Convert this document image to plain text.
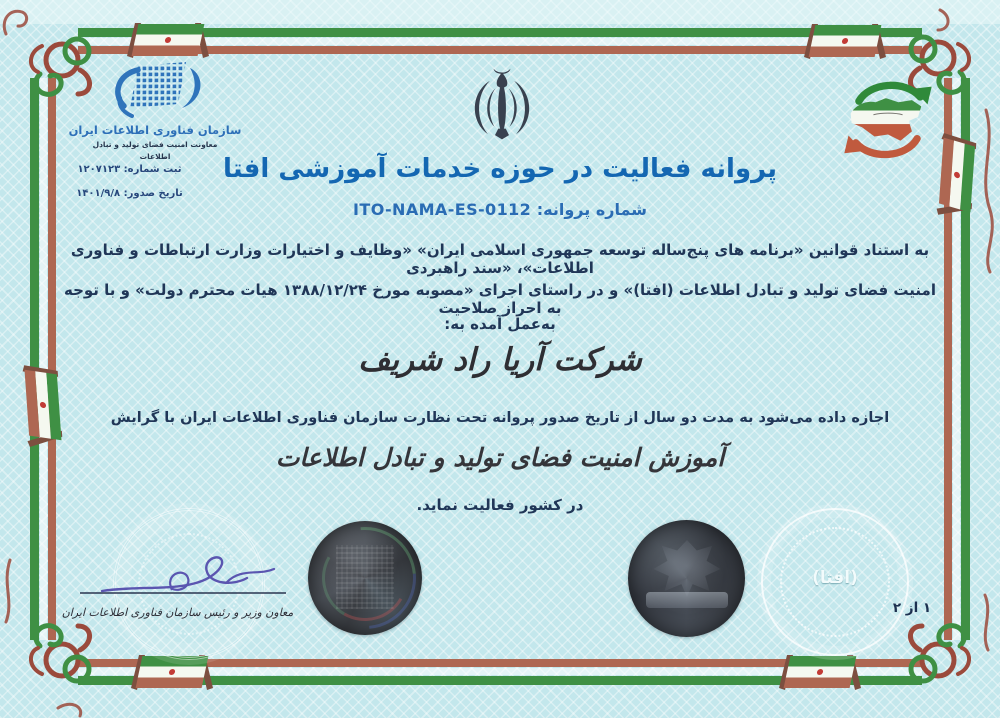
سازمان فناوری اطلاعات ایران
معاونت امنیت فضای تولید و تبادل اطلاعات
ثبت شماره: ۱۲۰۷۱۲۳
تاریخ صدور: ۱۴۰۱/۹/۸
پروانه فعالیت در حوزه خدمات آموزشی افتا
شماره پروانه: ITO-NAMA-ES-0112
به استناد قوانین «برنامه های پنج‌ساله توسعه جمهوری اسلامی ایران» «وظایف و اختیارات وزارت ارتباطات و فناوری اطلاعات»، «سند راهبردی
امنیت فضای تولید و تبادل اطلاعات (افتا)» و در راستای اجرای «مصوبه مورخ ۱۳۸۸/۱۲/۲۴ هیات محترم دولت» و با توجه به احراز صلاحیت
به‌عمل آمده به:
شرکت آریا راد شریف
اجازه داده می‌شود به مدت دو سال از تاریخ صدور پروانه تحت نظارت سازمان فناوری اطلاعات ایران با گرایش
آموزش امنیت فضای تولید و تبادل اطلاعات
در کشور فعالیت نماید.
معاون وزیر و رئیس سازمان فناوری اطلاعات ایران
(افتا)
۱ از ۲
